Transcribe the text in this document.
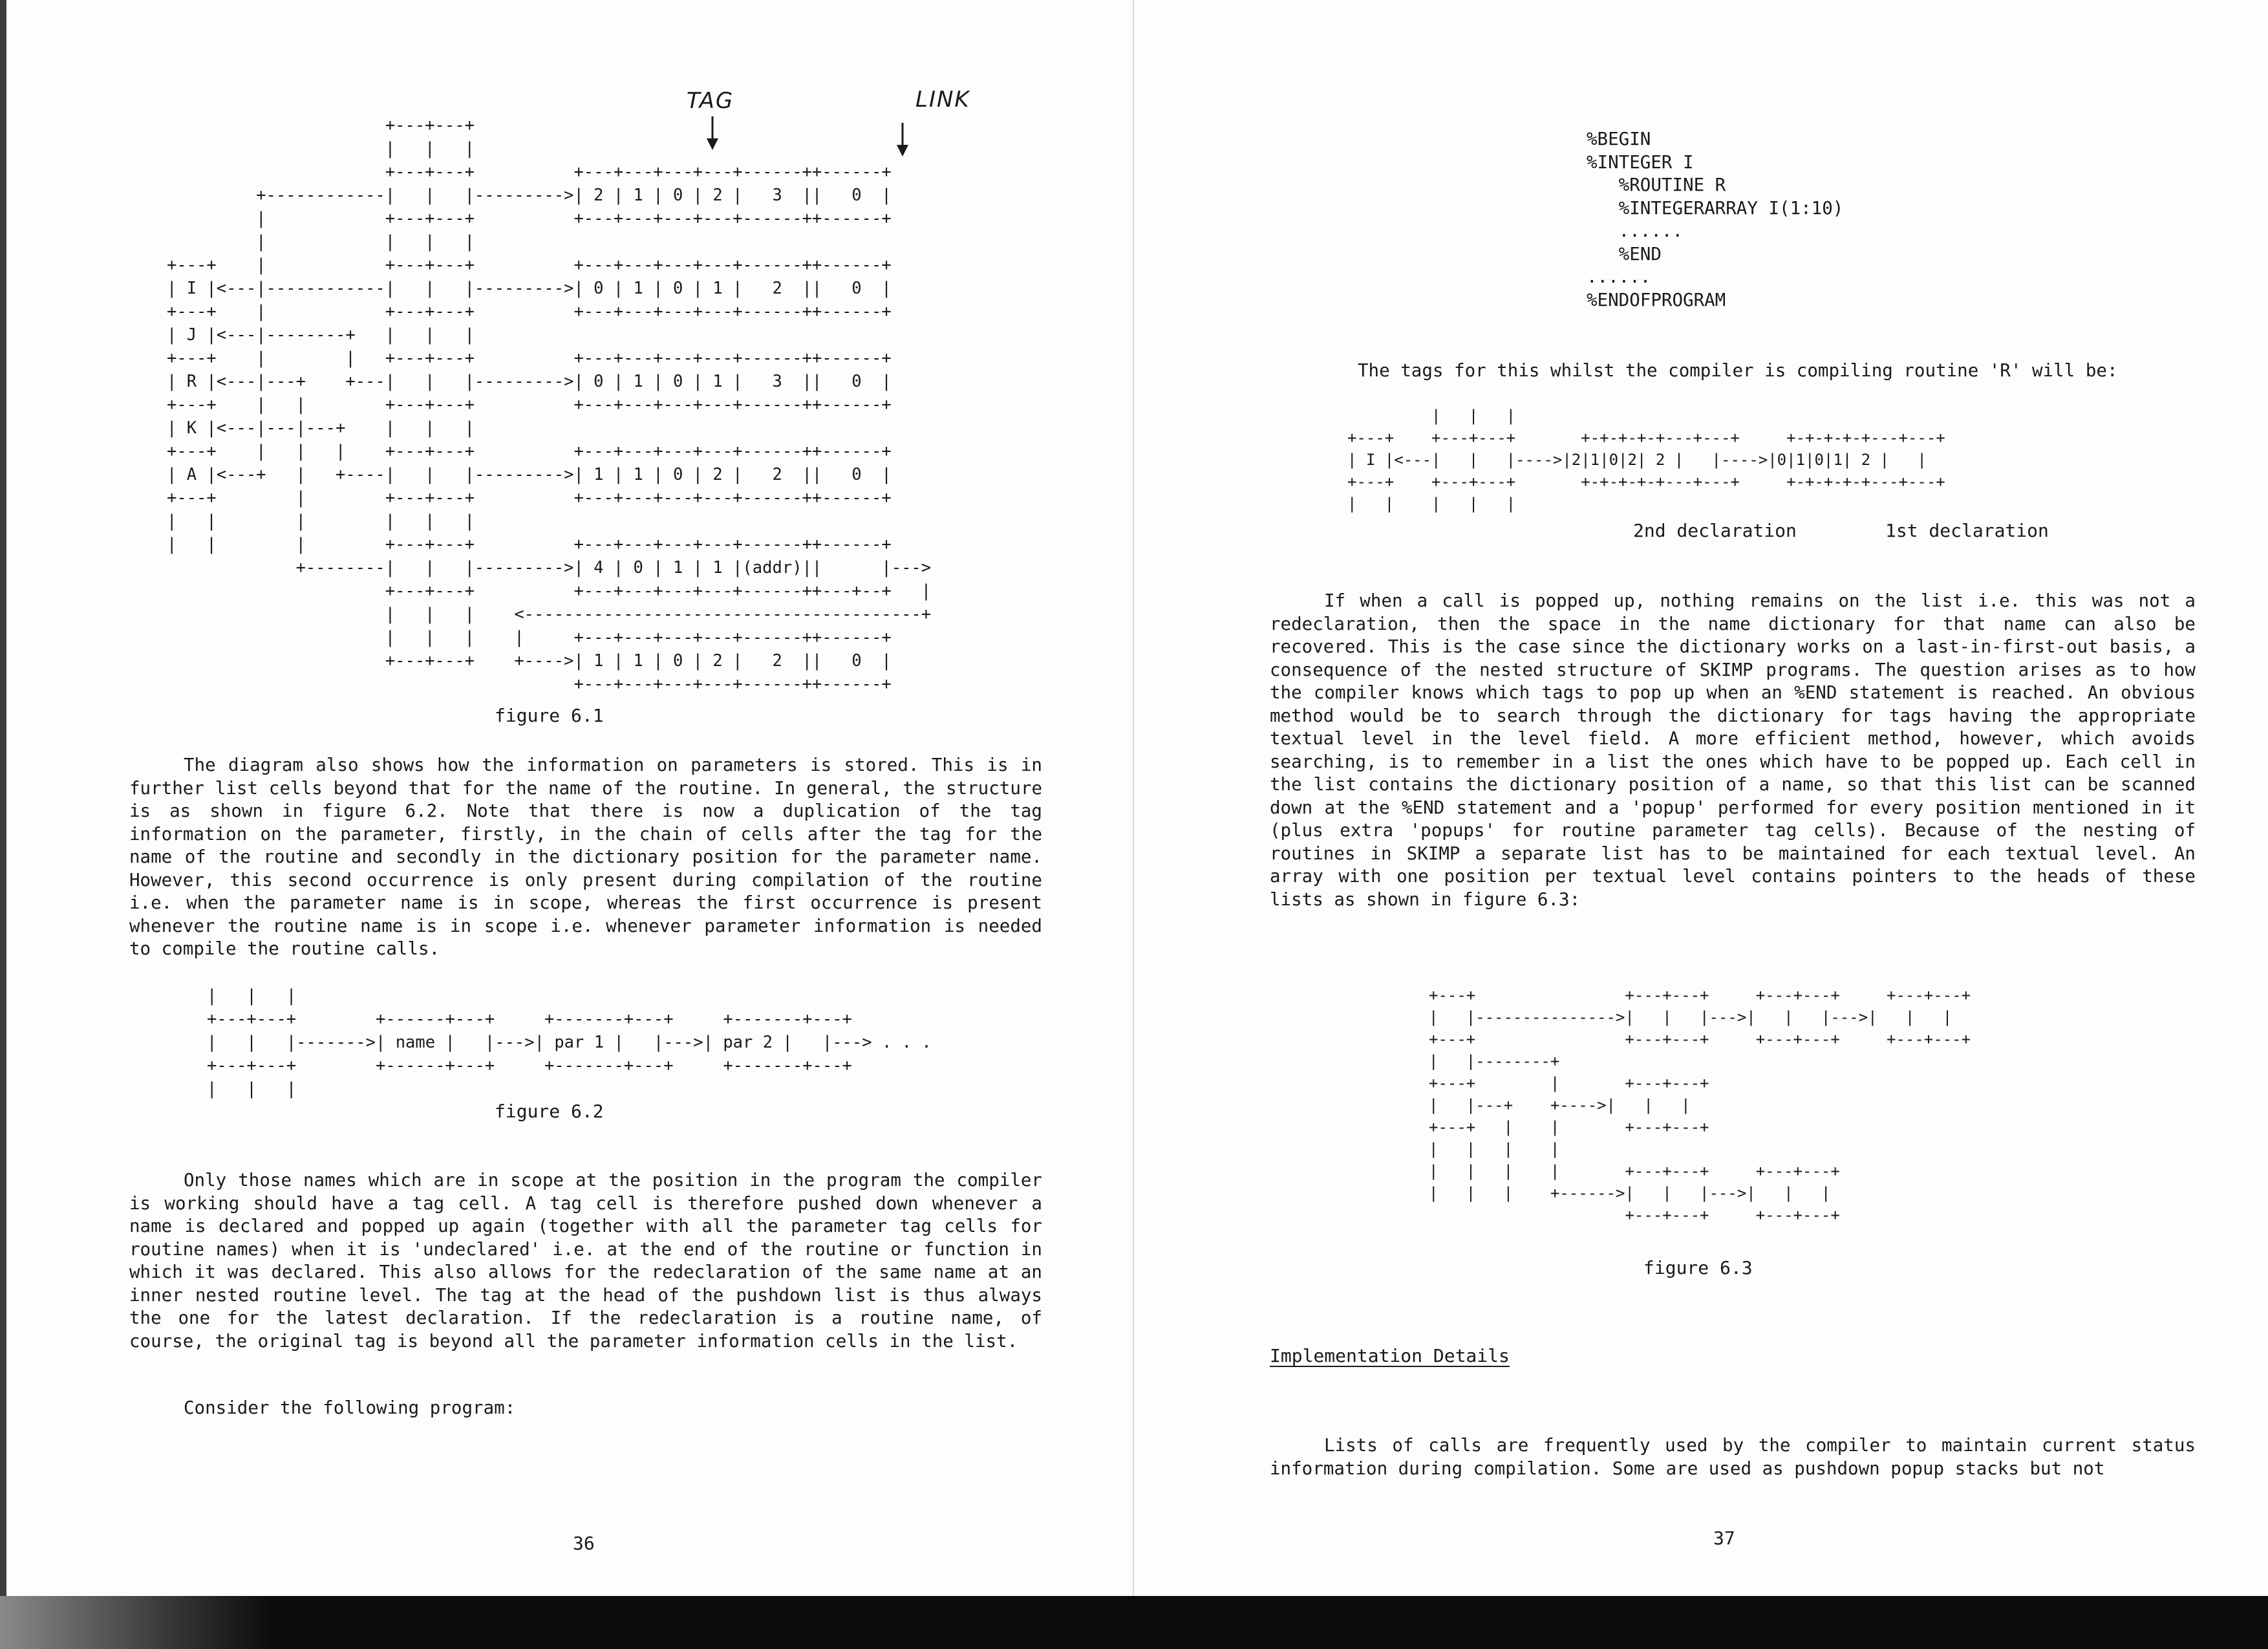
TAG	LINK
+---+---+
|   |   |
+---+---+          +---+---+---+---+------++------+
+------------|   |   |--------->| 2 | 1 | 0 | 2 |   3  ||   0  |
|            +---+---+          +---+---+---+---+------++------+
|            |   |   |
+---+    |            +---+---+          +---+---+---+---+------++------+
| I |<---|------------|   |   |--------->| 0 | 1 | 0 | 1 |   2  ||   0  |
+---+    |            +---+---+          +---+---+---+---+------++------+
| J |<---|--------+   |   |   |
+---+    |        |   +---+---+          +---+---+---+---+------++------+
| R |<---|---+    +---|   |   |--------->| 0 | 1 | 0 | 1 |   3  ||   0  |
+---+    |   |        +---+---+          +---+---+---+---+------++------+
| K |<---|---|---+    |   |   |
+---+    |   |   |    +---+---+          +---+---+---+---+------++------+
| A |<---+   |   +----|   |   |--------->| 1 | 1 | 0 | 2 |   2  ||   0  |
+---+        |        +---+---+          +---+---+---+---+------++------+
|   |        |        |   |   |
|   |        |        +---+---+          +---+---+---+---+------++------+
+--------|   |   |--------->| 4 | 0 | 1 | 1 |(addr)||      |--->
+---+---+          +---+---+---+---+------++---+--+   |
|   |   |    <----------------------------------------+
|   |   |    |     +---+---+---+---+------++------+
+---+---+    +---->| 1 | 1 | 0 | 2 |   2  ||   0  |
+---+---+---+---+------++------+

figure 6.1

The diagram also shows how the information on parameters is stored. This is in further list cells beyond that for the name of the routine. In general, the structure is as shown in figure 6.2. Note that there is now a duplication of the tag information on the parameter, firstly, in the chain of cells after the tag for the name of the routine and secondly in the dictionary position for the parameter name. However, this second occurrence is only present during compilation of the routine i.e. when the parameter name is in scope, whereas the first occurrence is present whenever the routine name is in scope i.e. whenever parameter information is needed to compile the routine calls.

|   |   |
+---+---+        +------+---+     +-------+---+     +-------+---+
|   |   |------->| name |   |--->| par 1 |   |--->| par 2 |   |---> . . .
+---+---+        +------+---+     +-------+---+     +-------+---+
|   |   |

figure 6.2

Only those names which are in scope at the position in the program the compiler is working should have a tag cell. A tag cell is therefore pushed down whenever a name is declared and popped up again (together with all the parameter tag cells for routine names) when it is 'undeclared' i.e. at the end of the routine or function in which it was declared. This also allows for the redeclaration of the same name at an inner nested routine level. The tag at the head of the pushdown list is thus always the one for the latest declaration. If the redeclaration is a routine name, of course, the original tag is beyond all the parameter information cells in the list.

Consider the following program:

36

%BEGIN
%INTEGER I
%ROUTINE R
%INTEGERARRAY I(1:10)
......
%END
......
%ENDOFPROGRAM

The tags for this whilst the compiler is compiling routine 'R' will be:

|   |   |
+---+    +---+---+       +-+-+-+-+---+---+     +-+-+-+-+---+---+
| I |<---|   |   |---->|2|1|0|2| 2 |   |---->|0|1|0|1| 2 |   |
+---+    +---+---+       +-+-+-+-+---+---+     +-+-+-+-+---+---+
|   |    |   |   |

2nd declaration	1st declaration

If when a call is popped up, nothing remains on the list i.e. this was not a redeclaration, then the space in the name dictionary for that name can also be recovered. This is the case since the dictionary works on a last-in-first-out basis, a consequence of the nested structure of SKIMP programs. The question arises as to how the compiler knows which tags to pop up when an %END statement is reached. An obvious method would be to search through the dictionary for tags having the appropriate textual level in the level field. A more efficient method, however, which avoids searching, is to remember in a list the ones which have to be popped up. Each cell in the list contains the dictionary position of a name, so that this list can be scanned down at the %END statement and a 'popup' performed for every position mentioned in it (plus extra 'popups' for routine parameter tag cells). Because of the nesting of routines in SKIMP a separate list has to be maintained for each textual level. An array with one position per textual level contains pointers to the heads of these lists as shown in figure 6.3:

+---+                +---+---+     +---+---+     +---+---+
|   |--------------->|   |   |--->|   |   |--->|   |   |
+---+                +---+---+     +---+---+     +---+---+
|   |--------+
+---+        |       +---+---+
|   |---+    +---->|   |   |
+---+   |    |       +---+---+
|   |   |    |
|   |   |    |       +---+---+     +---+---+
|   |   |    +------>|   |   |--->|   |   |
+---+---+     +---+---+

figure 6.3

Implementation Details

Lists of calls are frequently used by the compiler to maintain current status information during compilation. Some are used as pushdown popup stacks but not

37
